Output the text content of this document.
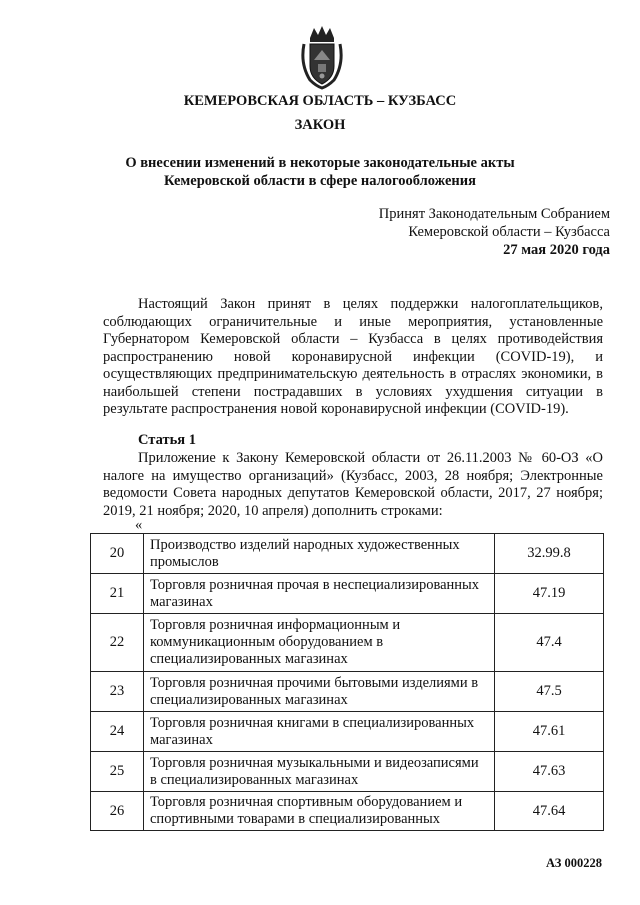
КЕМЕРОВСКАЯ ОБЛАСТЬ – КУЗБАСС
ЗАКОН
О внесении изменений в некоторые законодательные акты
Кемеровской области в сфере налогообложения
Принят Законодательным Собранием
Кемеровской области – Кузбасса
27 мая 2020 года
Настоящий Закон принят в целях поддержки налогоплательщиков, соблюдающих ограничительные и иные мероприятия, установленные Губернатором Кемеровской области – Кузбасса в целях противодействия распространению новой коронавирусной инфекции (COVID-19), и осуществляющих предпринимательскую деятельность в отраслях экономики, в наибольшей степени пострадавших в условиях ухудшения ситуации в результате распространения новой коронавирусной инфекции (COVID-19).
Статья 1
Приложение к Закону Кемеровской области от 26.11.2003 № 60-ОЗ «О налоге на имущество организаций» (Кузбасс, 2003, 28 ноября; Электронные ведомости Совета народных депутатов Кемеровской области, 2017, 27 ноября; 2019, 21 ноября; 2020, 10 апреля) дополнить строками:
«
20	Производство изделий народных художественных промыслов	32.99.8
21	Торговля розничная прочая в неспециализированных магазинах	47.19
22	Торговля розничная информационным и коммуникационным оборудованием в специализированных магазинах	47.4
23	Торговля розничная прочими бытовыми изделиями в специализированных магазинах	47.5
24	Торговля розничная книгами в специализированных магазинах	47.61
25	Торговля розничная музыкальными и видеозаписями в специализированных магазинах	47.63
26	Торговля розничная спортивным оборудованием и спортивными товарами в специализированных	47.64
АЗ 000228
